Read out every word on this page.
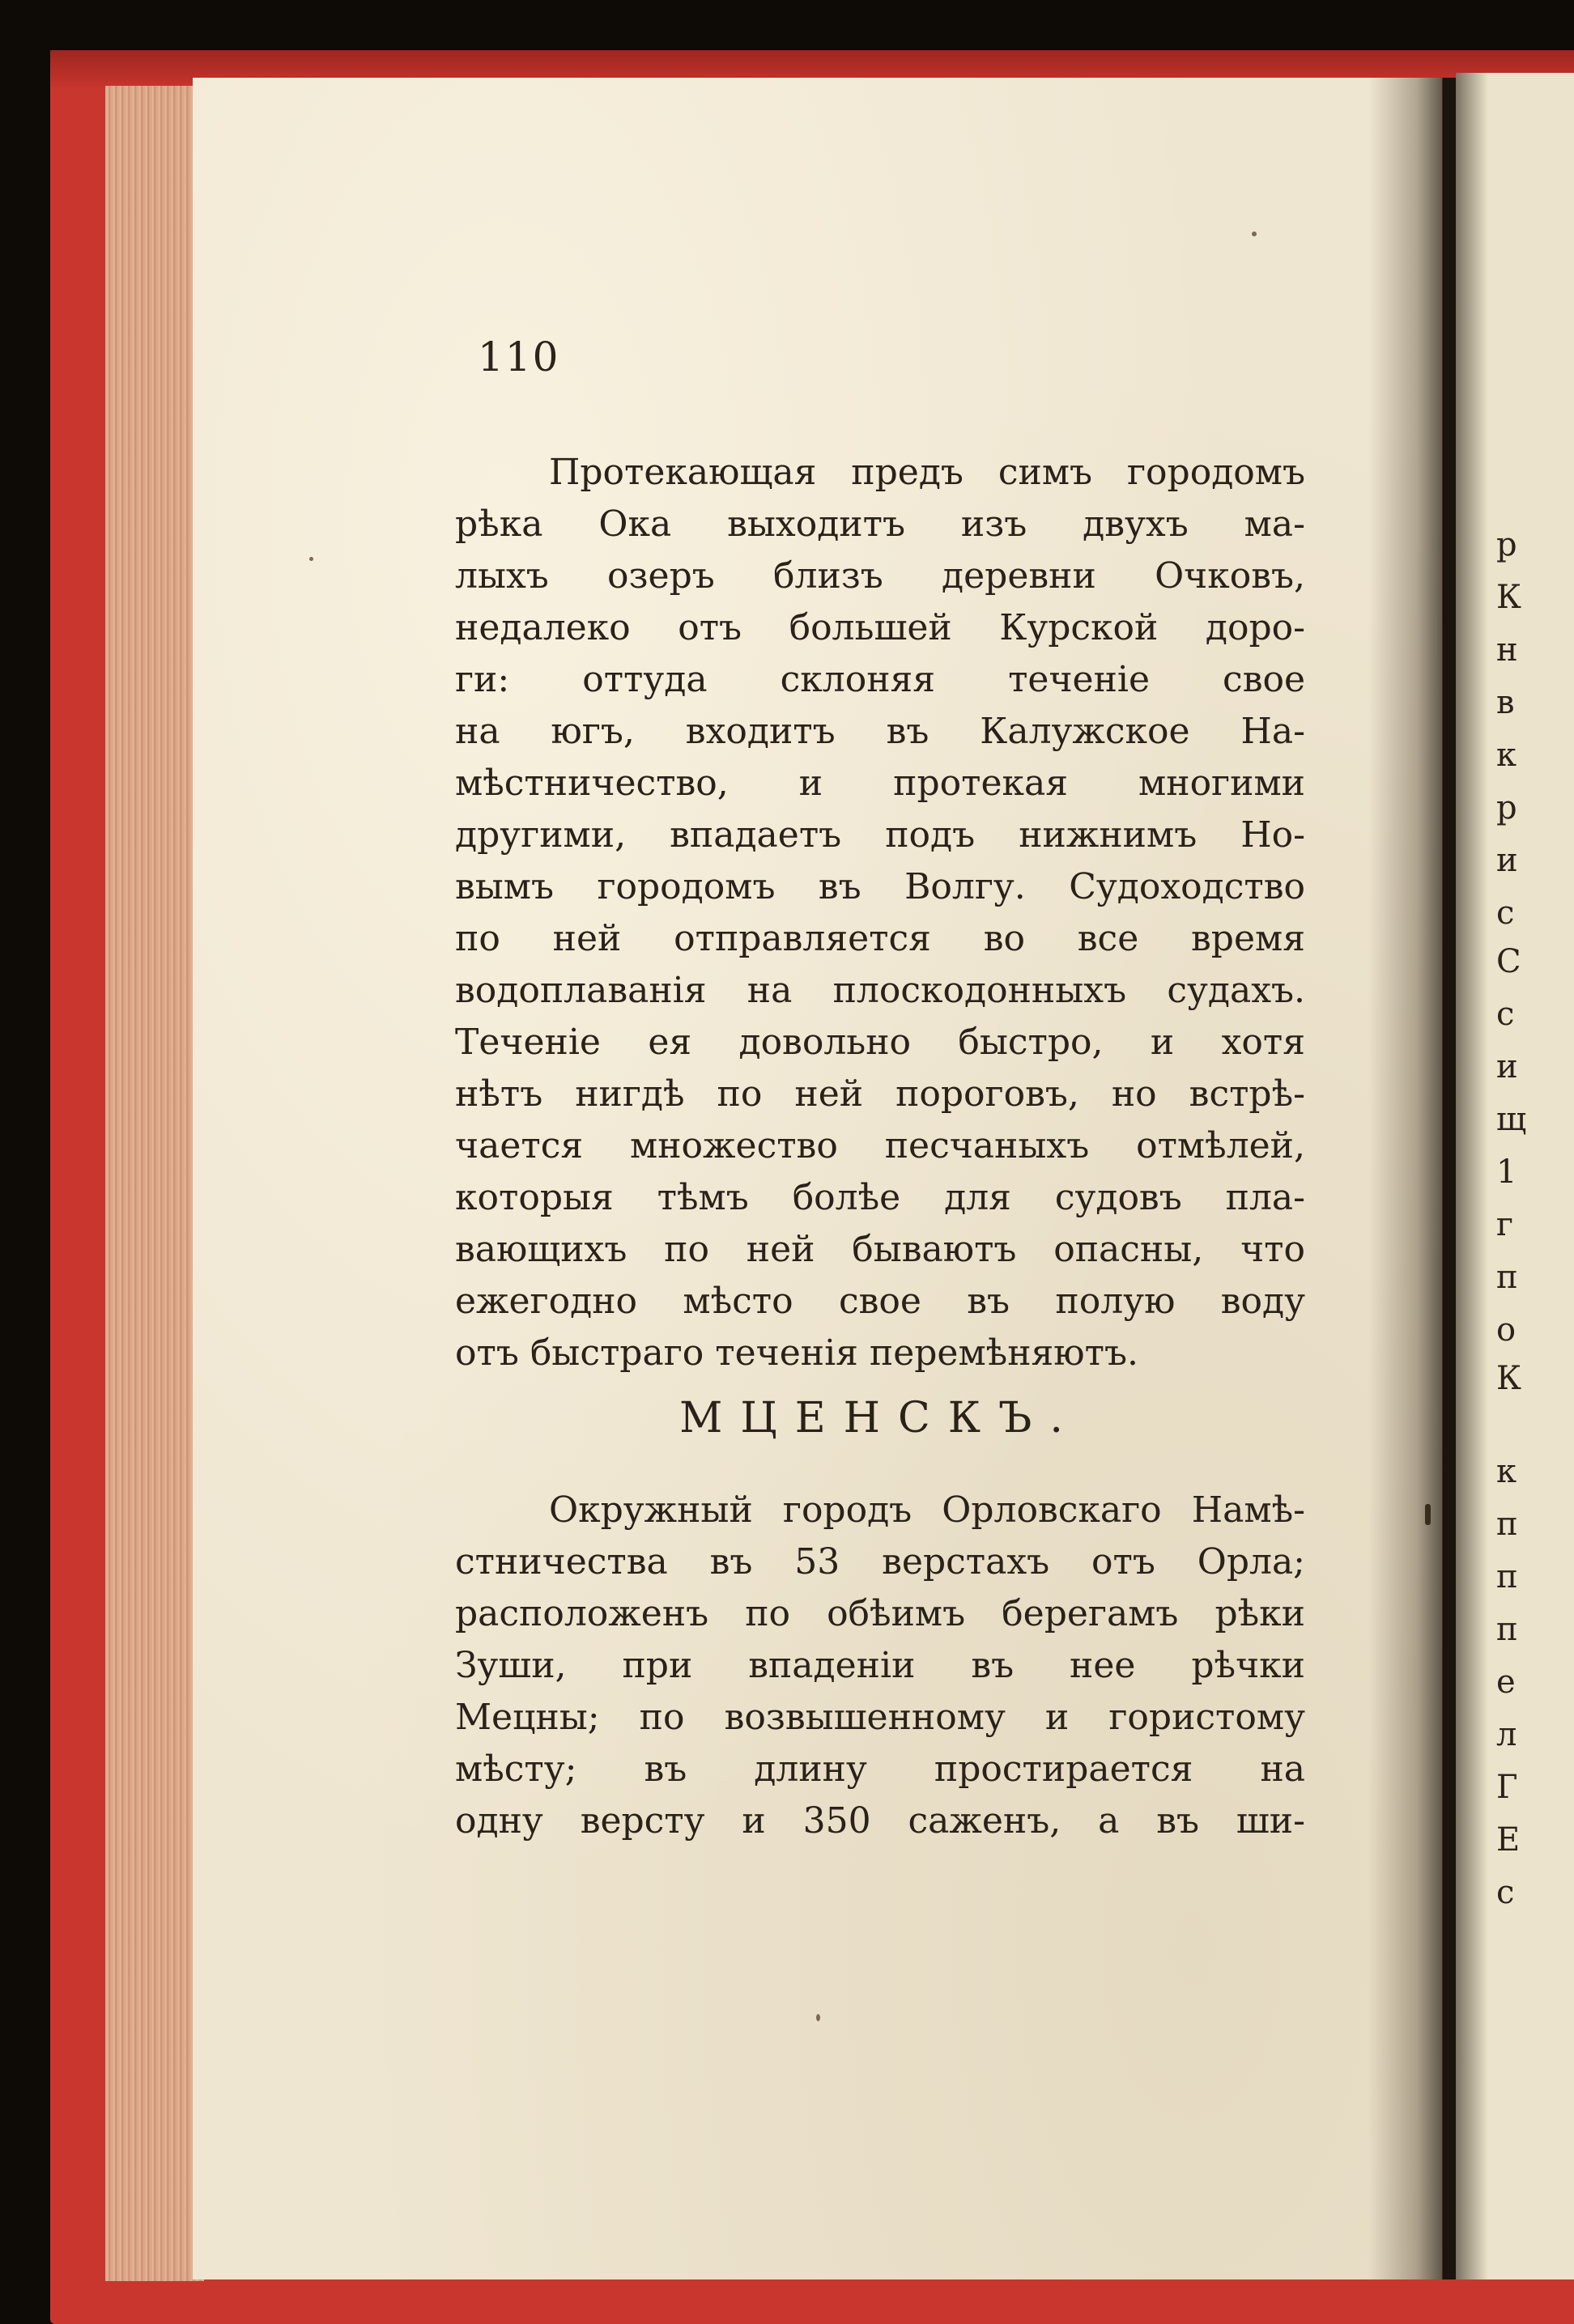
р
К
н
в
к
р
и
с
С
с
и
щ
1
г
п
о
К
к
п
п
п
е
л
Г
Е
с
110
Протекающая предъ симъ городомъ
рѣка Ока выходитъ изъ двухъ ма-
лыхъ озеръ близъ деревни Очковъ,
недалеко отъ большей Курской доро-
ги: оттуда склоняя теченіе свое
на югъ, входитъ въ Калужское На-
мѣстничество, и протекая многими
другими, впадаетъ подъ нижнимъ Но-
вымъ городомъ въ Волгу. Судоходство
по ней отправляется во все время
водоплаванія на плоскодонныхъ судахъ.
Теченіе ея довольно быстро, и хотя
нѣтъ нигдѣ по ней пороговъ, но встрѣ-
чается множество песчаныхъ отмѣлей,
которыя тѣмъ болѣе для судовъ пла-
вающихъ по ней бываютъ опасны, что
ежегодно мѣсто свое въ полую воду
отъ быстраго теченія перемѣняютъ.
МЦЕНСКЪ.
Окружный городъ Орловскаго Намѣ-
стничества въ 53 верстахъ отъ Орла;
расположенъ по обѣимъ берегамъ рѣки
Зуши, при впаденіи въ нее рѣчки
Мецны; по возвышенному и гористому
мѣсту; въ длину простирается на
одну версту и 350 саженъ, а въ ши-
